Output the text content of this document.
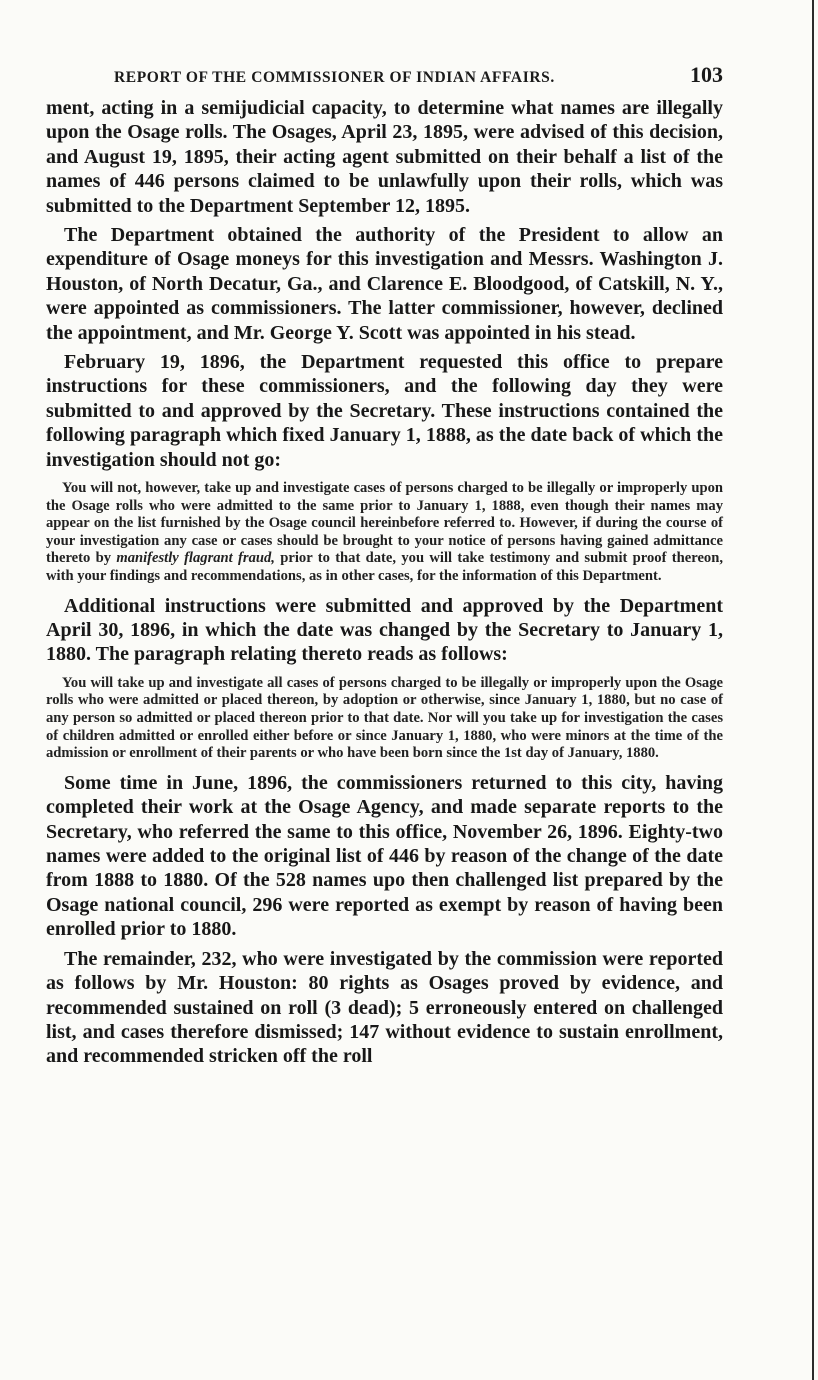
REPORT OF THE COMMISSIONER OF INDIAN AFFAIRS.	103

ment, acting in a semijudicial capacity, to determine what names are illegally upon the Osage rolls. The Osages, April 23, 1895, were advised of this decision, and August 19, 1895, their acting agent submitted on their behalf a list of the names of 446 persons claimed to be unlawfully upon their rolls, which was submitted to the Department September 12, 1895.

The Department obtained the authority of the President to allow an expenditure of Osage moneys for this investigation and Messrs. Washington J. Houston, of North Decatur, Ga., and Clarence E. Bloodgood, of Catskill, N. Y., were appointed as commissioners. The latter commissioner, however, declined the appointment, and Mr. George Y. Scott was appointed in his stead.

February 19, 1896, the Department requested this office to prepare instructions for these commissioners, and the following day they were submitted to and approved by the Secretary. These instructions contained the following paragraph which fixed January 1, 1888, as the date back of which the investigation should not go:

You will not, however, take up and investigate cases of persons charged to be illegally or improperly upon the Osage rolls who were admitted to the same prior to January 1, 1888, even though their names may appear on the list furnished by the Osage council hereinbefore referred to. However, if during the course of your investigation any case or cases should be brought to your notice of persons having gained admittance thereto by manifestly flagrant fraud, prior to that date, you will take testimony and submit proof thereon, with your findings and recommendations, as in other cases, for the information of this Department.

Additional instructions were submitted and approved by the Department April 30, 1896, in which the date was changed by the Secretary to January 1, 1880. The paragraph relating thereto reads as follows:

You will take up and investigate all cases of persons charged to be illegally or improperly upon the Osage rolls who were admitted or placed thereon, by adoption or otherwise, since January 1, 1880, but no case of any person so admitted or placed thereon prior to that date. Nor will you take up for investigation the cases of children admitted or enrolled either before or since January 1, 1880, who were minors at the time of the admission or enrollment of their parents or who have been born since the 1st day of January, 1880.

Some time in June, 1896, the commissioners returned to this city, having completed their work at the Osage Agency, and made separate reports to the Secretary, who referred the same to this office, November 26, 1896. Eighty-two names were added to the original list of 446 by reason of the change of the date from 1888 to 1880. Of the 528 names upo then challenged list prepared by the Osage national council, 296 were reported as exempt by reason of having been enrolled prior to 1880.

The remainder, 232, who were investigated by the commission were reported as follows by Mr. Houston: 80 rights as Osages proved by evidence, and recommended sustained on roll (3 dead); 5 erroneously entered on challenged list, and cases therefore dismissed; 147 without evidence to sustain enrollment, and recommended stricken off the roll
